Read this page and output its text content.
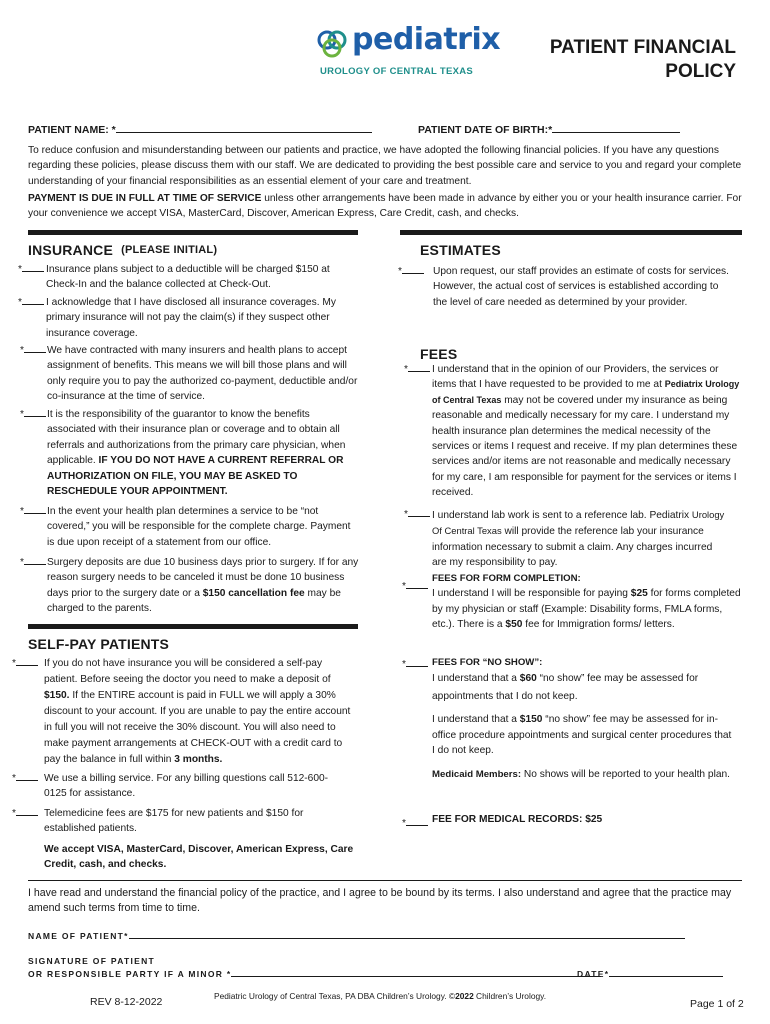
pediatrix
UROLOGY OF CENTRAL TEXAS
PATIENT FINANCIAL
POLICY
PATIENT NAME: *	PATIENT DATE OF BIRTH:*
To reduce confusion and misunderstanding between our patients and practice, we have adopted the following financial policies. If you have any questions regarding these policies, please discuss them with our staff. We are dedicated to providing the best possible care and service to you and regard your complete understanding of your financial responsibilities as an essential element of your care and treatment.
PAYMENT IS DUE IN FULL AT TIME OF SERVICE unless other arrangements have been made in advance by either you or your health insurance carrier. For your convenience we accept VISA, MasterCard, Discover, American Express, Care Credit, cash, and checks.
INSURANCE (PLEASE INITIAL)
*	Insurance plans subject to a deductible will be charged $150 at Check-In and the balance collected at Check-Out.
*	I acknowledge that I have disclosed all insurance coverages. My primary insurance will not pay the claim(s) if they suspect other insurance coverage.
*	We have contracted with many insurers and health plans to accept assignment of benefits. This means we will bill those plans and will only require you to pay the authorized co-payment, deductible and/or co-insurance at the time of service.
*	It is the responsibility of the guarantor to know the benefits associated with their insurance plan or coverage and to obtain all referrals and authorizations from the primary care physician, when applicable. IF YOU DO NOT HAVE A CURRENT REFERRAL OR AUTHORIZATION ON FILE, YOU MAY BE ASKED TO RESCHEDULE YOUR APPOINTMENT.
*	In the event your health plan determines a service to be “not covered,” you will be responsible for the complete charge. Payment is due upon receipt of a statement from our office.
*	Surgery deposits are due 10 business days prior to surgery. If for any reason surgery needs to be canceled it must be done 10 business days prior to the surgery date or a $150 cancellation fee may be charged to the parents.
SELF-PAY PATIENTS
*	If you do not have insurance you will be considered a self-pay patient. Before seeing the doctor you need to make a deposit of $150. If the ENTIRE account is paid in FULL we will apply a 30% discount to your account. If you are unable to pay the entire account in full you will not receive the 30% discount. You will also need to make payment arrangements at CHECK-OUT with a credit card to pay the balance in full within 3 months.
*	We use a billing service. For any billing questions call 512-600-0125 for assistance.
*	Telemedicine fees are $175 for new patients and $150 for established patients.
We accept VISA, MasterCard, Discover, American Express, Care Credit, cash, and checks.
ESTIMATES
*	Upon request, our staff provides an estimate of costs for services. However, the actual cost of services is established according to the level of care needed as determined by your provider.
FEES
*	I understand that in the opinion of our Providers, the services or items that I have requested to be provided to me at Pediatrix Urology of Central Texas may not be covered under my insurance as being reasonable and medically necessary for my care. I understand my health insurance plan determines the medical necessity of the services or items I request and receive. If my plan determines these services and/or items are not reasonable and medically necessary for my care, I am responsible for payment for the services or items I received.
*	I understand lab work is sent to a reference lab. Pediatrix Urology Of Central Texas will provide the reference lab your insurance information necessary to submit a claim. Any charges incurred are my responsibility to pay.
*
FEES FOR FORM COMPLETION:
I understand I will be responsible for paying $25 for forms completed by my physician or staff (Example: Disability forms, FMLA forms, etc.). There is a $50 fee for Immigration forms/ letters.
*	FEES FOR “NO SHOW”:
I understand that a $60 “no show” fee may be assessed for appointments that I do not keep.
I understand that a $150 “no show” fee may be assessed for in-office procedure appointments and surgical center procedures that I do not keep.
Medicaid Members: No shows will be reported to your health plan.
*	FEE FOR MEDICAL RECORDS: $25
I have read and understand the financial policy of the practice, and I agree to be bound by its terms. I also understand and agree that the practice may amend such terms from time to time.
NAME OF PATIENT*
SIGNATURE OF PATIENT
OR RESPONSIBLE PARTY IF A MINOR *	DATE*
REV 8-12-2022	Pediatric Urology of Central Texas, PA DBA Children’s Urology. ©2022 Children’s Urology.
Page 1 of 2
